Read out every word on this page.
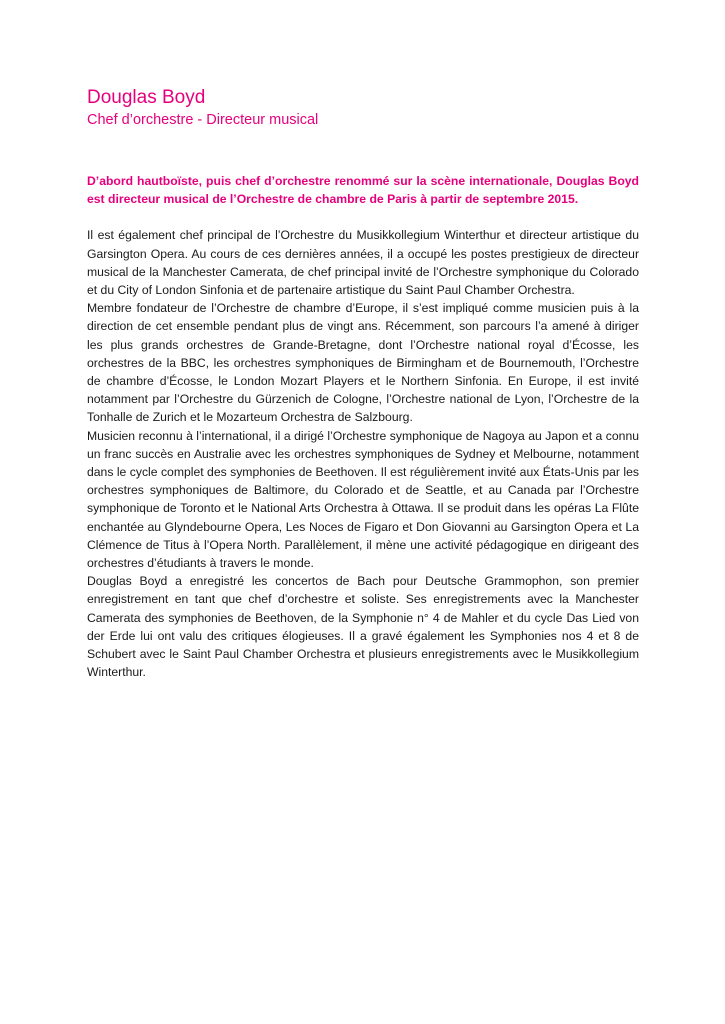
Douglas Boyd
Chef d’orchestre - Directeur musical

D’abord hautboïste, puis chef d’orchestre renommé sur la scène internationale, Douglas Boyd est directeur musical de l’Orchestre de chambre de Paris à partir de septembre 2015.

Il est également chef principal de l’Orchestre du Musikkollegium Winterthur et directeur artistique du Garsington Opera. Au cours de ces dernières années, il a occupé les postes prestigieux de directeur musical de la Manchester Camerata, de chef principal invité de l’Orchestre symphonique du Colorado et du City of London Sinfonia et de partenaire artistique du Saint Paul Chamber Orchestra.

Membre fondateur de l’Orchestre de chambre d’Europe, il s’est impliqué comme musicien puis à la direction de cet ensemble pendant plus de vingt ans. Récemment, son parcours l’a amené à diriger les plus grands orchestres de Grande-Bretagne, dont l’Orchestre national royal d’Écosse, les orchestres de la BBC, les orchestres symphoniques de Birmingham et de Bournemouth, l’Orchestre de chambre d’Écosse, le London Mozart Players et le Northern Sinfonia. En Europe, il est invité notamment par l’Orchestre du Gürzenich de Cologne, l’Orchestre national de Lyon, l’Orchestre de la Tonhalle de Zurich et le Mozarteum Orchestra de Salzbourg.

Musicien reconnu à l’international, il a dirigé l’Orchestre symphonique de Nagoya au Japon et a connu un franc succès en Australie avec les orchestres symphoniques de Sydney et Melbourne, notamment dans le cycle complet des symphonies de Beethoven. Il est régulièrement invité aux États-Unis par les orchestres symphoniques de Baltimore, du Colorado et de Seattle, et au Canada par l’Orchestre symphonique de Toronto et le National Arts Orchestra à Ottawa. Il se produit dans les opéras La Flûte enchantée au Glyndebourne Opera, Les Noces de Figaro et Don Giovanni au Garsington Opera et La Clémence de Titus à l’Opera North. Parallèlement, il mène une activité pédagogique en dirigeant des orchestres d’étudiants à travers le monde.

Douglas Boyd a enregistré les concertos de Bach pour Deutsche Grammophon, son premier enregistrement en tant que chef d’orchestre et soliste. Ses enregistrements avec la Manchester Camerata des symphonies de Beethoven, de la Symphonie n° 4 de Mahler et du cycle Das Lied von der Erde lui ont valu des critiques élogieuses. Il a gravé également les Symphonies nos 4 et 8 de Schubert avec le Saint Paul Chamber Orchestra et plusieurs enregistrements avec le Musikkollegium Winterthur.
